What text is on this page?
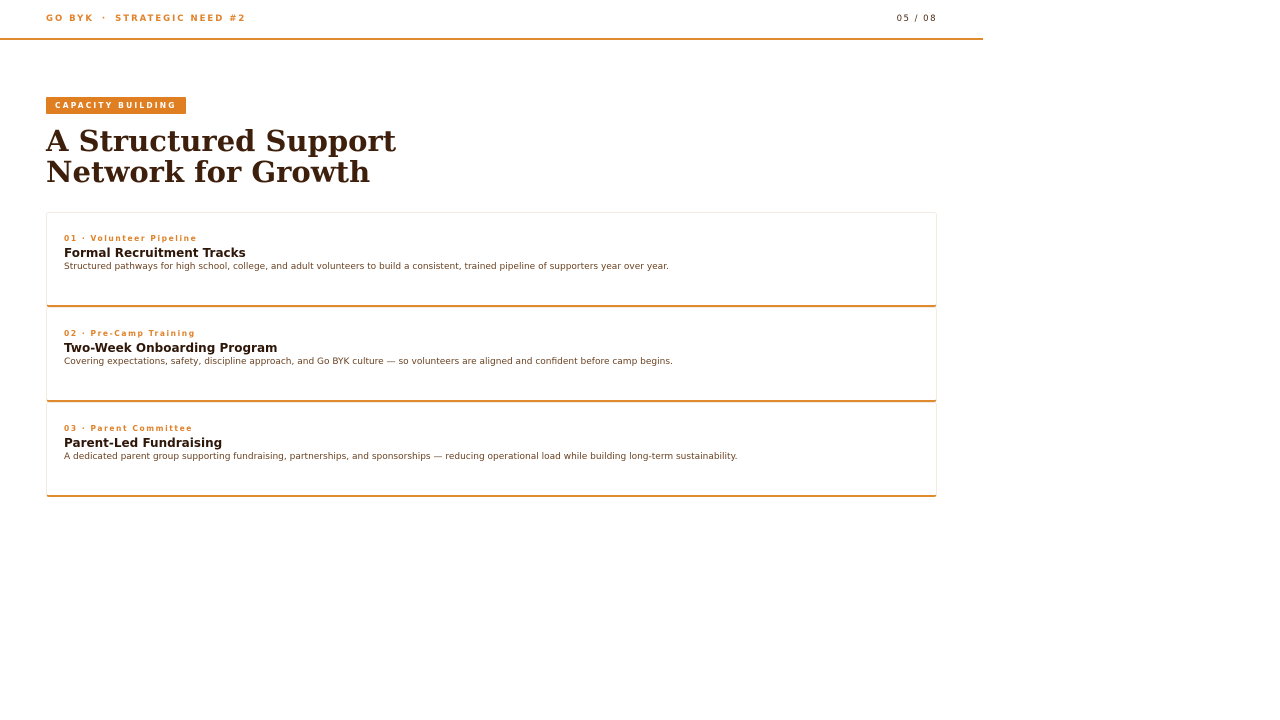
GO BYK · STRATEGIC NEED #2	05 / 08
CAPACITY BUILDING
A Structured Support Network for Growth
01 · Volunteer Pipeline
Formal Recruitment Tracks
Structured pathways for high school, college, and adult volunteers to build a consistent, trained pipeline of supporters year over year.
02 · Pre-Camp Training
Two-Week Onboarding Program
Covering expectations, safety, discipline approach, and Go BYK culture — so volunteers are aligned and confident before camp begins.
03 · Parent Committee
Parent-Led Fundraising
A dedicated parent group supporting fundraising, partnerships, and sponsorships — reducing operational load while building long-term sustainability.
